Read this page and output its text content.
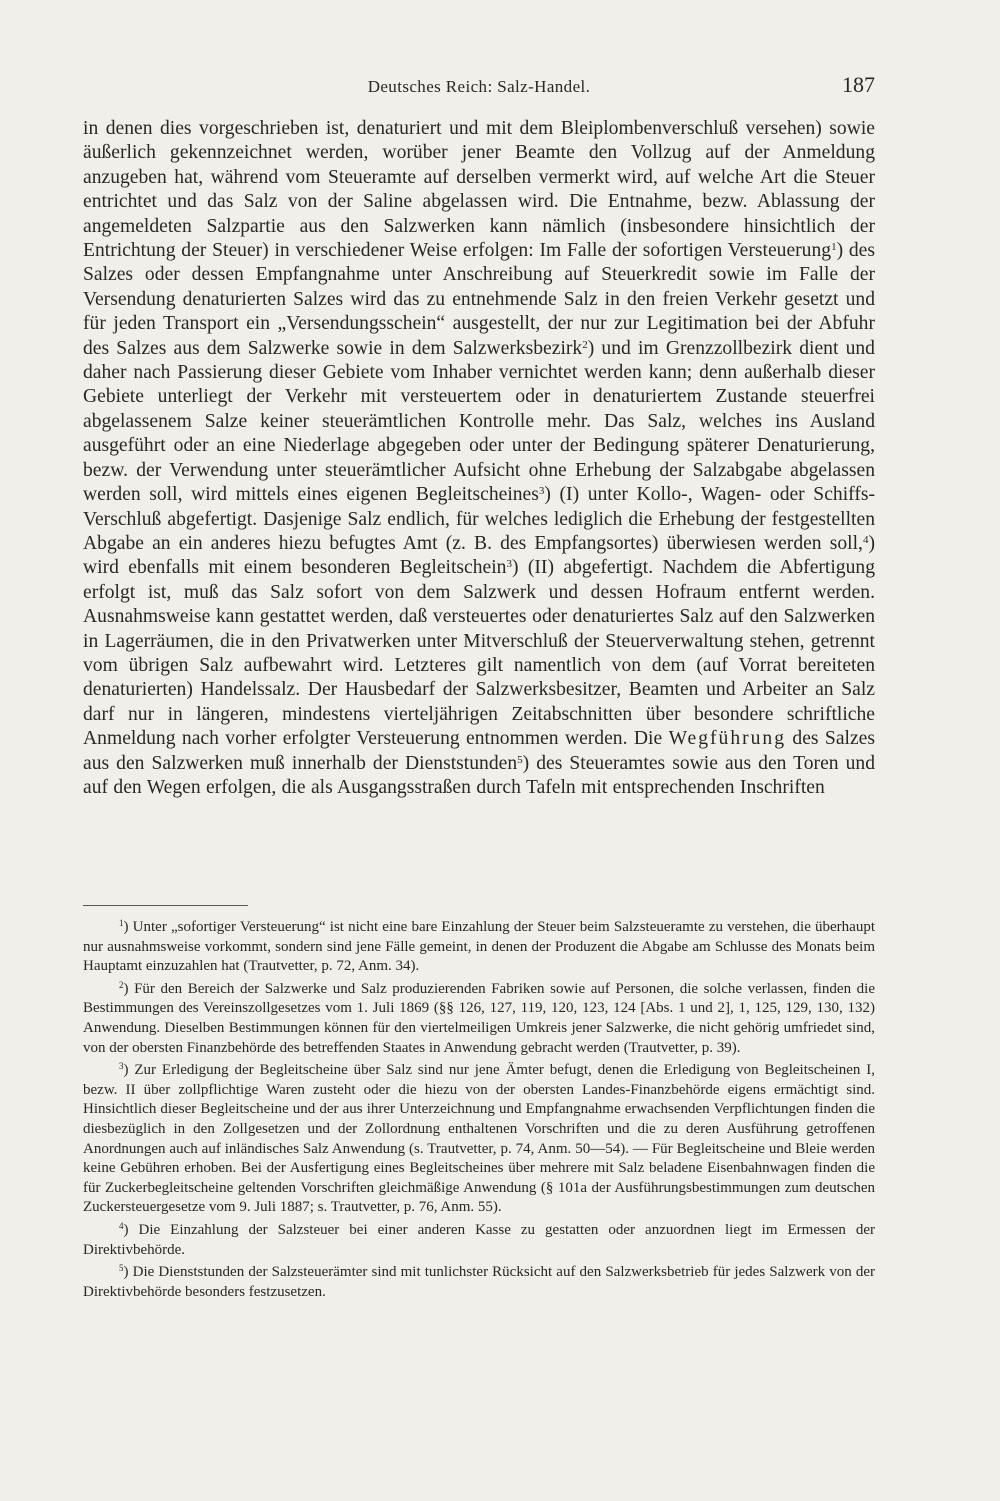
Deutsches Reich: Salz-Handel.	187

in denen dies vorgeschrieben ist, denaturiert und mit dem Bleiplombenverschluß versehen) sowie äußerlich gekennzeichnet werden, worüber jener Beamte den Vollzug auf der Anmeldung anzugeben hat, während vom Steueramte auf derselben vermerkt wird, auf welche Art die Steuer entrichtet und das Salz von der Saline abgelassen wird. Die Entnahme, bezw. Ablassung der angemeldeten Salzpartie aus den Salzwerken kann nämlich (insbesondere hinsichtlich der Entrichtung der Steuer) in verschiedener Weise erfolgen: Im Falle der sofortigen Versteuerung$^1$) des Salzes oder dessen Empfangnahme unter Anschreibung auf Steuerkredit sowie im Falle der Versendung denaturierten Salzes wird das zu entnehmende Salz in den freien Verkehr gesetzt und für jeden Transport ein „Versendungsschein“ ausgestellt, der nur zur Legitimation bei der Abfuhr des Salzes aus dem Salzwerke sowie in dem Salzwerksbezirk$^2$) und im Grenzzollbezirk dient und daher nach Passierung dieser Gebiete vom Inhaber vernichtet werden kann; denn außerhalb dieser Gebiete unterliegt der Verkehr mit versteuertem oder in denaturiertem Zustande steuerfrei abgelassenem Salze keiner steuerämtlichen Kontrolle mehr. Das Salz, welches ins Ausland ausgeführt oder an eine Niederlage abgegeben oder unter der Bedingung späterer Denaturierung, bezw. der Verwendung unter steuerämtlicher Aufsicht ohne Erhebung der Salzabgabe abgelassen werden soll, wird mittels eines eigenen Begleitscheines$^3$) (I) unter Kollo-, Wagen- oder Schiffs-Verschluß abgefertigt. Dasjenige Salz endlich, für welches lediglich die Erhebung der festgestellten Abgabe an ein anderes hiezu befugtes Amt (z. B. des Empfangsortes) überwiesen werden soll,$^4$) wird ebenfalls mit einem besonderen Begleitschein$^3$) (II) abgefertigt. Nachdem die Abfertigung erfolgt ist, muß das Salz sofort von dem Salzwerk und dessen Hofraum entfernt werden. Ausnahmsweise kann gestattet werden, daß versteuertes oder denaturiertes Salz auf den Salzwerken in Lagerräumen, die in den Privatwerken unter Mitverschluß der Steuerverwaltung stehen, getrennt vom übrigen Salz aufbewahrt wird. Letzteres gilt namentlich von dem (auf Vorrat bereiteten denaturierten) Handelssalz. Der Hausbedarf der Salzwerksbesitzer, Beamten und Arbeiter an Salz darf nur in längeren, mindestens vierteljährigen Zeitabschnitten über besondere schriftliche Anmeldung nach vorher erfolgter Versteuerung entnommen werden. Die Wegführung des Salzes aus den Salzwerken muß innerhalb der Dienststunden$^5$) des Steueramtes sowie aus den Toren und auf den Wegen erfolgen, die als Ausgangsstraßen durch Tafeln mit entsprechenden Inschriften

$^1$) Unter „sofortiger Versteuerung“ ist nicht eine bare Einzahlung der Steuer beim Salzsteueramte zu verstehen, die überhaupt nur ausnahmsweise vorkommt, sondern sind jene Fälle gemeint, in denen der Produzent die Abgabe am Schlusse des Monats beim Hauptamt einzuzahlen hat (Trautvetter, p. 72, Anm. 34).

$^2$) Für den Bereich der Salzwerke und Salz produzierenden Fabriken sowie auf Personen, die solche verlassen, finden die Bestimmungen des Vereinszollgesetzes vom 1. Juli 1869 (§§ 126, 127, 119, 120, 123, 124 [Abs. 1 und 2], 1, 125, 129, 130, 132) Anwendung. Dieselben Bestimmungen können für den viertelmeiligen Umkreis jener Salzwerke, die nicht gehörig umfriedet sind, von der obersten Finanzbehörde des betreffenden Staates in Anwendung gebracht werden (Trautvetter, p. 39).

$^3$) Zur Erledigung der Begleitscheine über Salz sind nur jene Ämter befugt, denen die Erledigung von Begleitscheinen I, bezw. II über zollpflichtige Waren zusteht oder die hiezu von der obersten Landes-Finanzbehörde eigens ermächtigt sind. Hinsichtlich dieser Begleitscheine und der aus ihrer Unterzeichnung und Empfangnahme erwachsenden Verpflichtungen finden die diesbezüglich in den Zollgesetzen und der Zollordnung enthaltenen Vorschriften und die zu deren Ausführung getroffenen Anordnungen auch auf inländisches Salz Anwendung (s. Trautvetter, p. 74, Anm. 50—54). — Für Begleitscheine und Bleie werden keine Gebühren erhoben. Bei der Ausfertigung eines Begleitscheines über mehrere mit Salz beladene Eisenbahnwagen finden die für Zuckerbegleitscheine geltenden Vorschriften gleichmäßige Anwendung (§ 101a der Ausführungsbestimmungen zum deutschen Zuckersteuergesetze vom 9. Juli 1887; s. Trautvetter, p. 76, Anm. 55).

$^4$) Die Einzahlung der Salzsteuer bei einer anderen Kasse zu gestatten oder anzuordnen liegt im Ermessen der Direktivbehörde.

$^5$) Die Dienststunden der Salzsteuerämter sind mit tunlichster Rücksicht auf den Salzwerksbetrieb für jedes Salzwerk von der Direktivbehörde besonders festzusetzen.
